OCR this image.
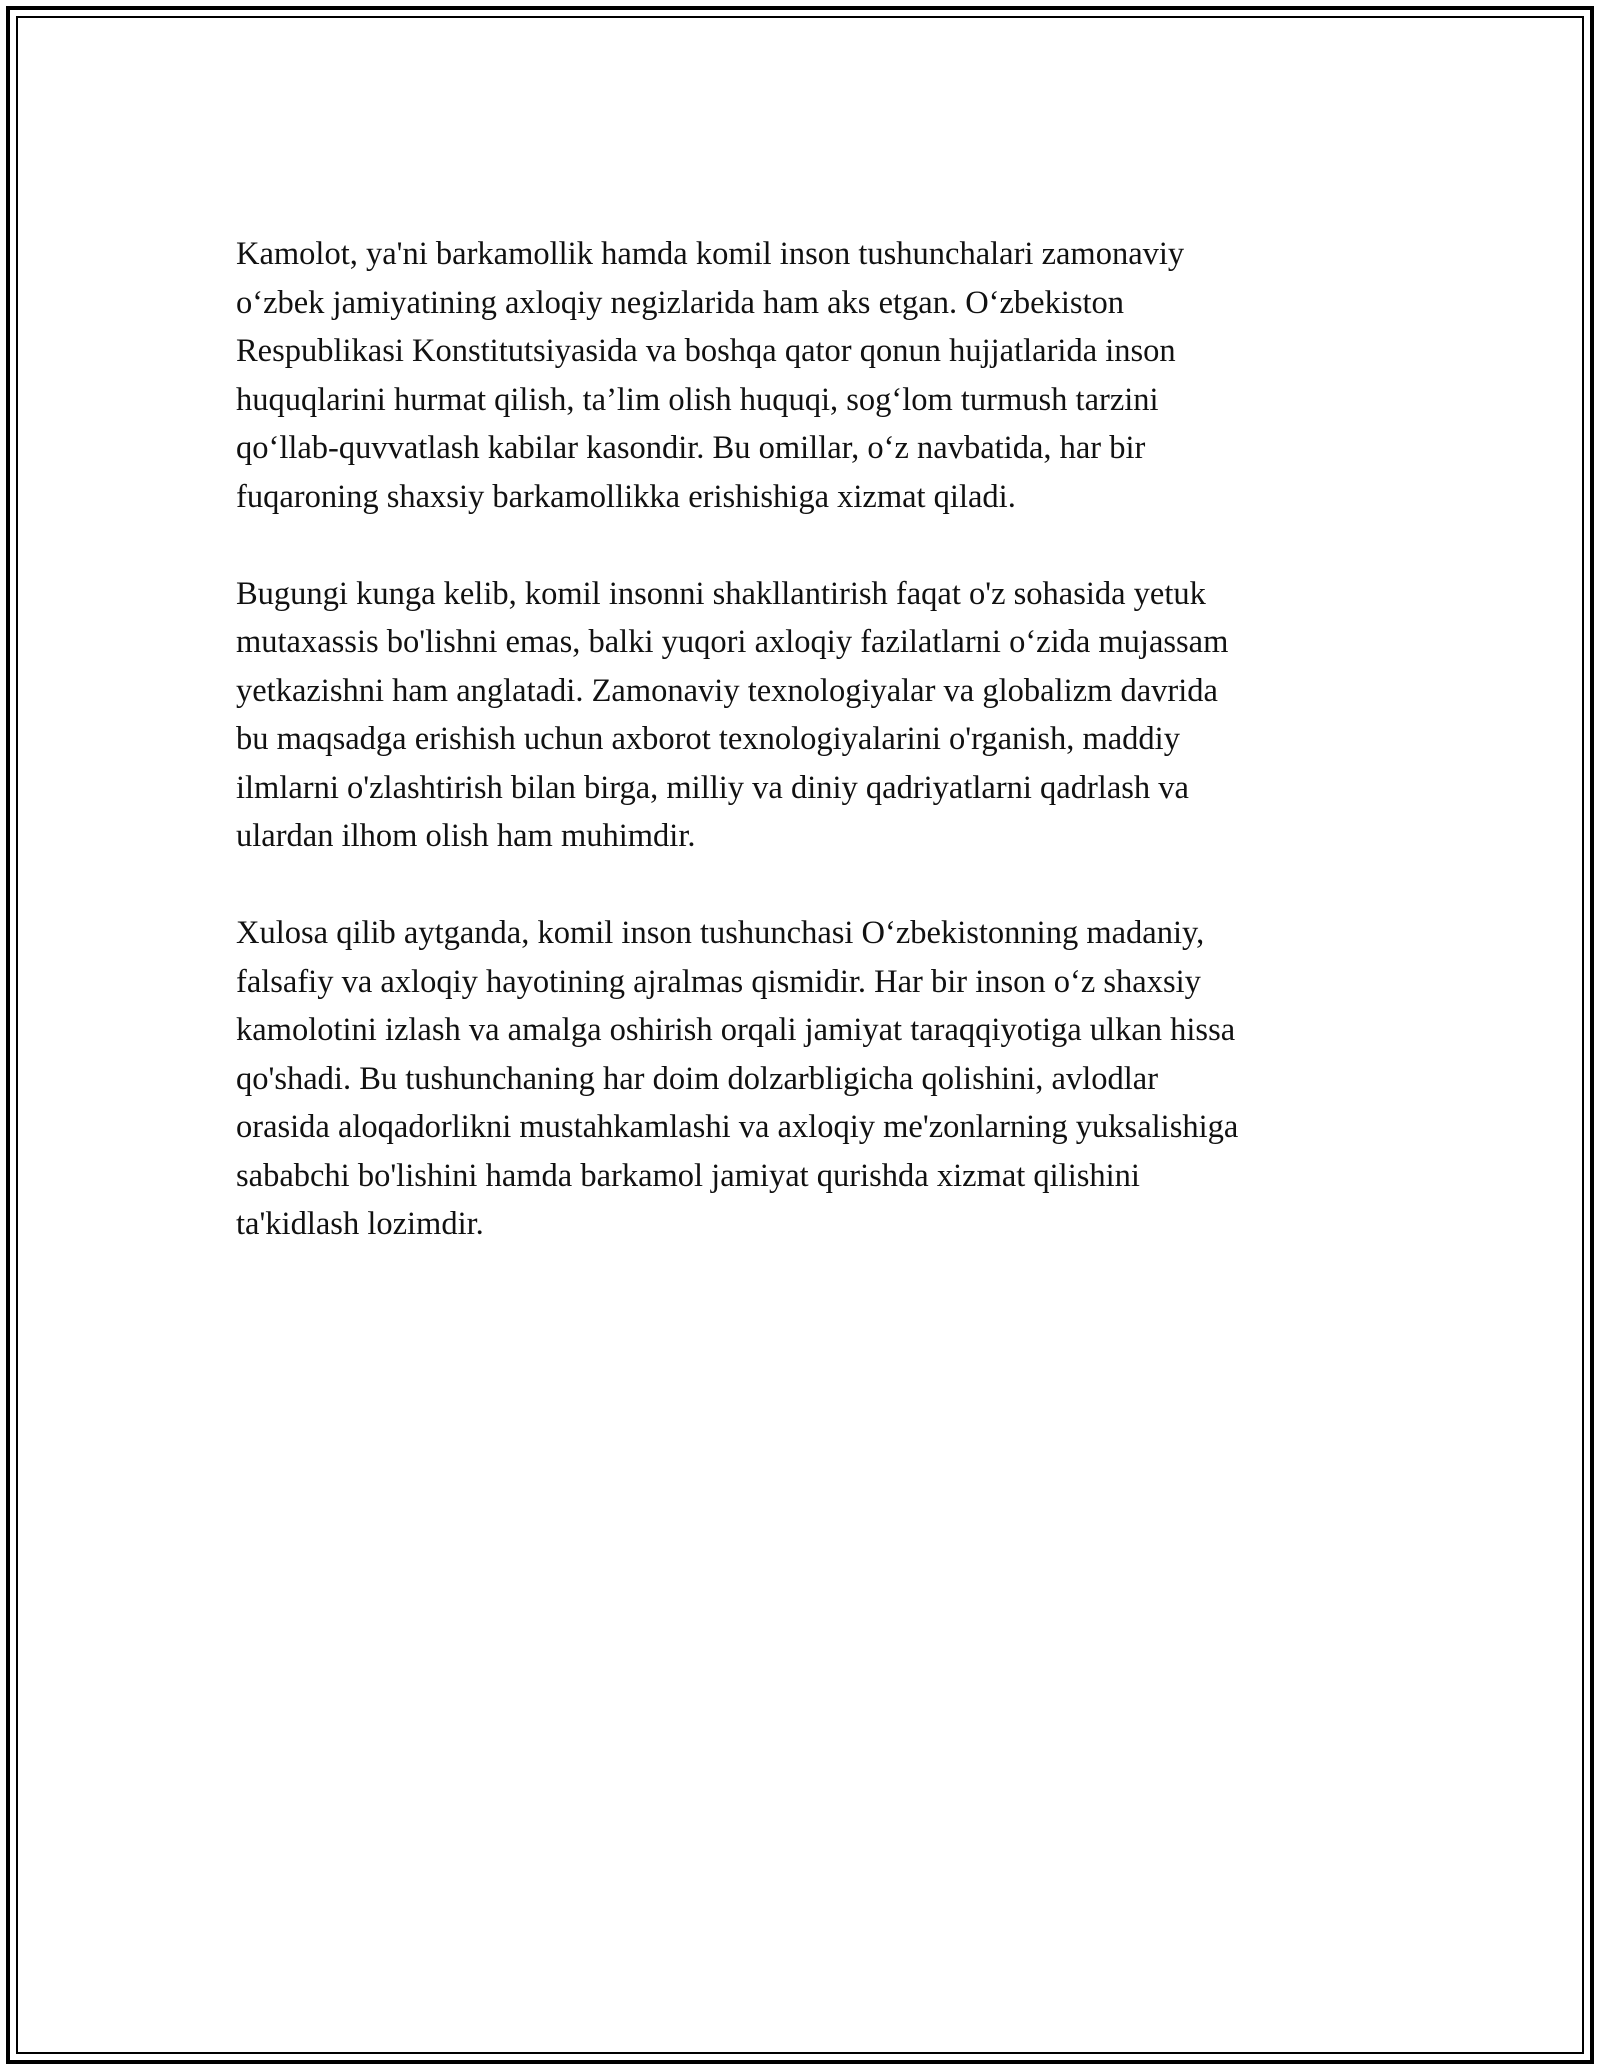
Kamolot, ya'ni barkamollik hamda komil inson tushunchalari zamonaviy
o‘zbek jamiyatining axloqiy negizlarida ham aks etgan. O‘zbekiston
Respublikasi Konstitutsiyasida va boshqa qator qonun hujjatlarida inson
huquqlarini hurmat qilish, ta’lim olish huquqi, sog‘lom turmush tarzini
qo‘llab-quvvatlash kabilar kasondir. Bu omillar, o‘z navbatida, har bir
fuqaroning shaxsiy barkamollikka erishishiga xizmat qiladi.

Bugungi kunga kelib, komil insonni shakllantirish faqat o'z sohasida yetuk
mutaxassis bo'lishni emas, balki yuqori axloqiy fazilatlarni o‘zida mujassam
yetkazishni ham anglatadi. Zamonaviy texnologiyalar va globalizm davrida
bu maqsadga erishish uchun axborot texnologiyalarini o'rganish, maddiy
ilmlarni o'zlashtirish bilan birga, milliy va diniy qadriyatlarni qadrlash va
ulardan ilhom olish ham muhimdir.

Xulosa qilib aytganda, komil inson tushunchasi O‘zbekistonning madaniy,
falsafiy va axloqiy hayotining ajralmas qismidir. Har bir inson o‘z shaxsiy
kamolotini izlash va amalga oshirish orqali jamiyat taraqqiyotiga ulkan hissa
qo'shadi. Bu tushunchaning har doim dolzarbligicha qolishini, avlodlar
orasida aloqadorlikni mustahkamlashi va axloqiy me'zonlarning yuksalishiga
sababchi bo'lishini hamda barkamol jamiyat qurishda xizmat qilishini
ta'kidlash lozimdir.
